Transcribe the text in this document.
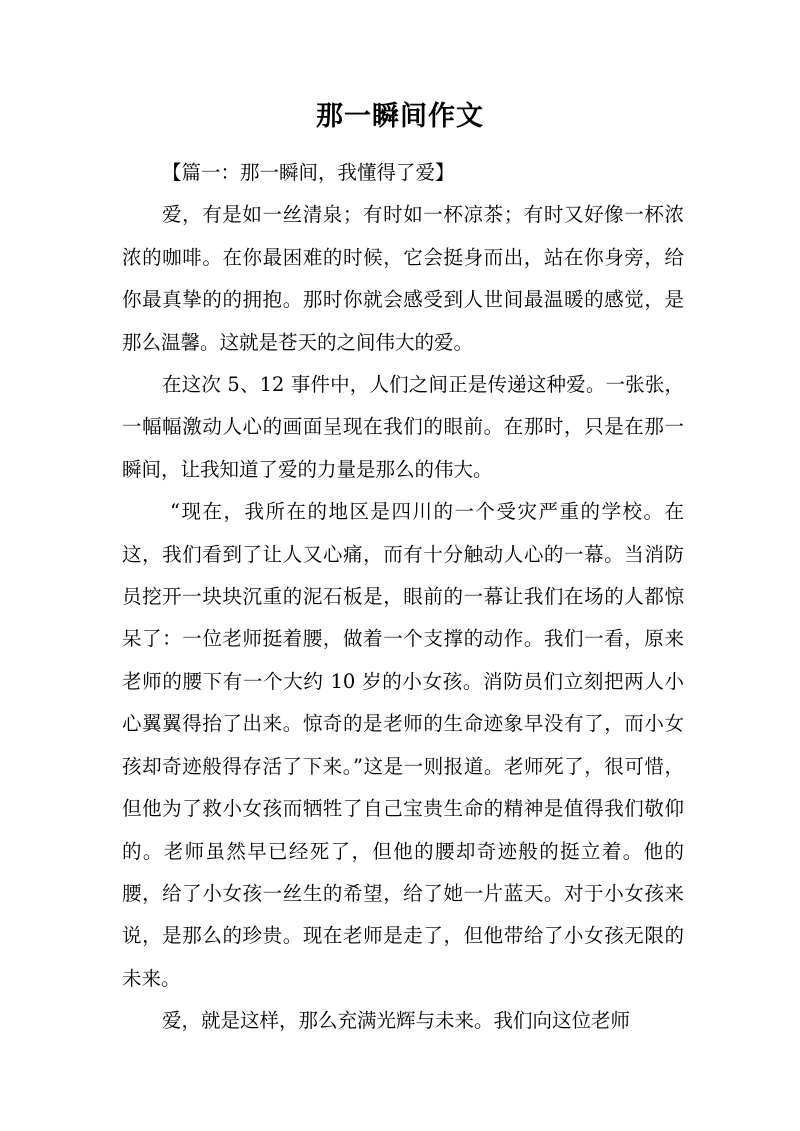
那一瞬间作文

【篇一：那一瞬间，我懂得了爱】

爱，有是如一丝清泉；有时如一杯凉茶；有时又好像一杯浓浓的咖啡。在你最困难的时候，它会挺身而出，站在你身旁，给你最真挚的的拥抱。那时你就会感受到人世间最温暖的感觉，是那么温馨。这就是苍天的之间伟大的爱。

在这次 5、12 事件中，人们之间正是传递这种爱。一张张，一幅幅激动人心的画面呈现在我们的眼前。在那时，只是在那一瞬间，让我知道了爱的力量是那么的伟大。

“现在，我所在的地区是四川的一个受灾严重的学校。在这，我们看到了让人又心痛，而有十分触动人心的一幕。当消防员挖开一块块沉重的泥石板是，眼前的一幕让我们在场的人都惊呆了：一位老师挺着腰，做着一个支撑的动作。我们一看，原来老师的腰下有一个大约 10 岁的小女孩。消防员们立刻把两人小心翼翼得抬了出来。惊奇的是老师的生命迹象早没有了，而小女孩却奇迹般得存活了下来。”这是一则报道。老师死了，很可惜，但他为了救小女孩而牺牲了自己宝贵生命的精神是值得我们敬仰的。老师虽然早已经死了，但他的腰却奇迹般的挺立着。他的腰，给了小女孩一丝生的希望，给了她一片蓝天。对于小女孩来说，是那么的珍贵。现在老师是走了，但他带给了小女孩无限的未来。

爱，就是这样，那么充满光辉与未来。我们向这位老师
